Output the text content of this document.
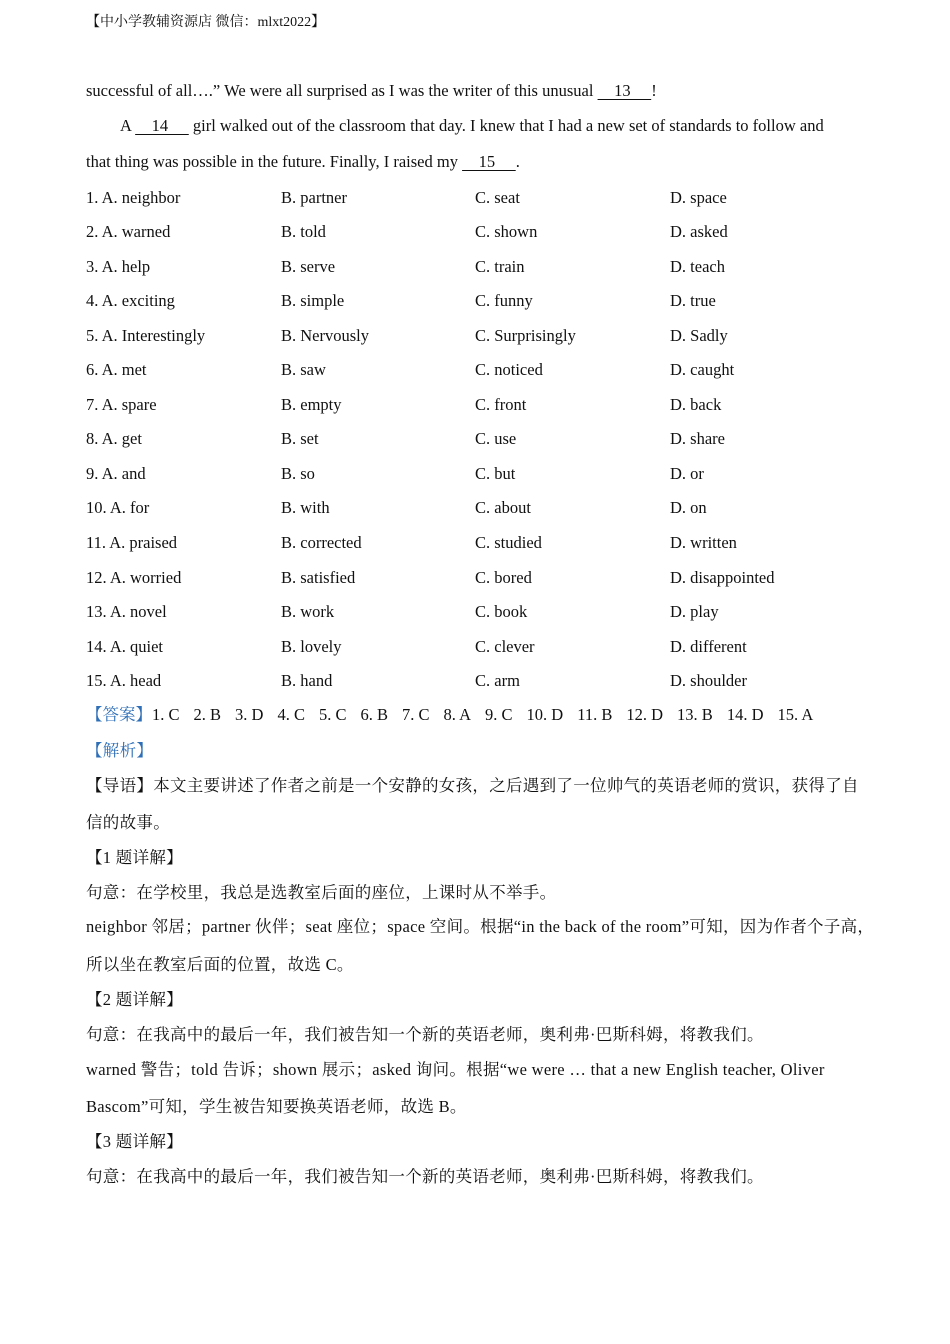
【中小学教辅资源店 微信：mlxt2022】
successful of all….” We were all surprised as I was the writer of this unusual     13     !
A     14      girl walked out of the classroom that day. I knew that I had a new set of standards to follow and
that thing was possible in the future. Finally, I raised my     15     .
1. A. neighbor	B. partner	C. seat	D. space
2. A. warned	B. told	C. shown	D. asked
3. A. help	B. serve	C. train	D. teach
4. A. exciting	B. simple	C. funny	D. true
5. A. Interestingly	B. Nervously	C. Surprisingly	D. Sadly
6. A. met	B. saw	C. noticed	D. caught
7. A. spare	B. empty	C. front	D. back
8. A. get	B. set	C. use	D. share
9. A. and	B. so	C. but	D. or
10. A. for	B. with	C. about	D. on
11. A. praised	B. corrected	C. studied	D. written
12. A. worried	B. satisfied	C. bored	D. disappointed
13. A. novel	B. work	C. book	D. play
14. A. quiet	B. lovely	C. clever	D. different
15. A. head	B. hand	C. arm	D. shoulder
【答案】1. C 2. B 3. D 4. C 5. C 6. B 7. C 8. A 9. C 10. D 11. B 12. D 13. B 14. D 15. A
【解析】
【导语】本文主要讲述了作者之前是一个安静的女孩，之后遇到了一位帅气的英语老师的赏识，获得了自
信的故事。
【1 题详解】
句意：在学校里，我总是选教室后面的座位，上课时从不举手。
neighbor 邻居；partner 伙伴；seat 座位；space 空间。根据“in the back of the room”可知，因为作者个子高，
所以坐在教室后面的位置，故选 C。
【2 题详解】
句意：在我高中的最后一年，我们被告知一个新的英语老师，奥利弗·巴斯科姆，将教我们。
warned 警告；told 告诉；shown 展示；asked 询问。根据“we were … that a new English teacher, Oliver
Bascom”可知，学生被告知要换英语老师，故选 B。
【3 题详解】
句意：在我高中的最后一年，我们被告知一个新的英语老师，奥利弗·巴斯科姆，将教我们。
